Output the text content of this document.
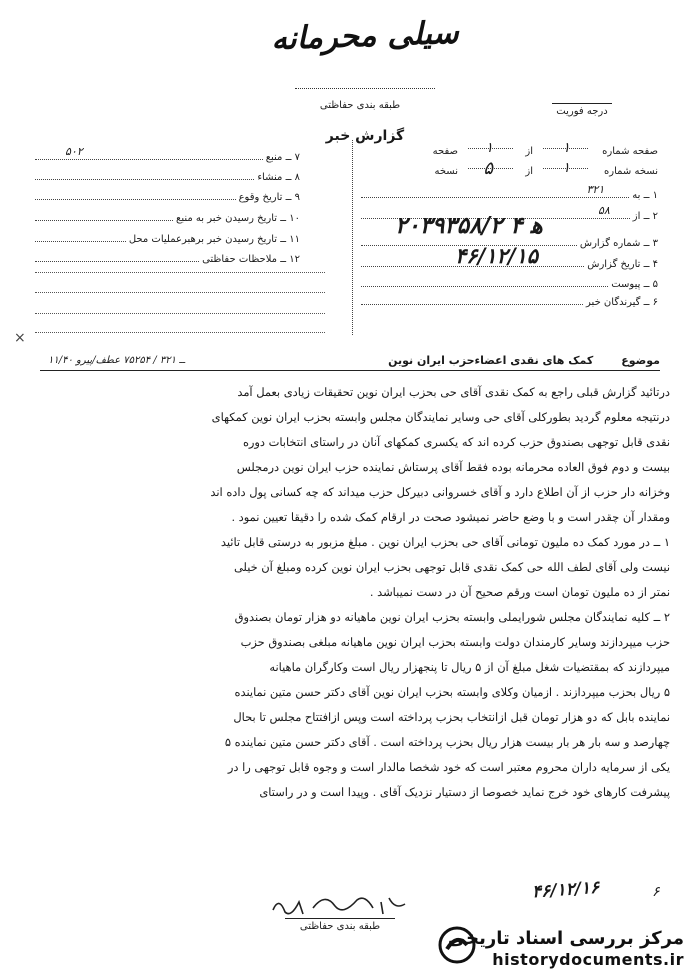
سیلی محرمانه
طبقه بندی حفاظتی
درجه فوریت
گزارش خبر
صفحه شماره
۱
از
۱
صفحه
نسخه شماره
۱
از
۵
نسخه
۱ ــ به
۳۲۱
۲ ــ از
۵۸
۳ ــ شماره گزارش
۴ ــ تاریخ گزارش
۵ ــ پیوست
۶ ــ گیرندگان خبر
۲۰۳۹۳۵۸/۲ ه‍ ۴
۴۶/۱۲/۱۵
۷ ــ منبع
۵۰۲
۸ ــ منشاء
۹ ــ تاریخ وقوع
۱۰ ــ تاریخ رسیدن خبر به منبع
۱۱ ــ تاریخ رسیدن خبر برهبرعملیات محل
۱۲ ــ ملاحظات حفاظتی
×
موضوع
کمک های نقدی اعضاءحزب ایران نوین
۱۱/۴۰ ــ ۳۲۱ / ۷۵۲۵۴ عطف/پیرو

درتائید گزارش قبلی راجع به کمک نقدی آقای حی بحزب ایران نوین تحقیقات زیادی بعمل آمد

درنتیجه معلوم گردید بطورکلی آقای حی وسایر نمایندگان مجلس وابسته بحزب ایران نوین کمکهای

نقدی قابل توجهی بصندوق حزب کرده اند که یکسری کمکهای آنان در راستای انتخابات دوره

بیست و دوم فوق العاده محرمانه بوده فقط آقای پرستاش نماینده حزب ایران نوین درمجلس

وخزانه دار حزب از آن اطلاع دارد و آقای خسروانی دبیرکل حزب میداند که چه کسانی پول داده اند

ومقدار آن چقدر است و با وضع حاضر نمیشود صحت در ارقام کمک شده را دقیقا تعیین نمود .

۱ ــ در مورد کمک ده ملیون تومانی آقای حی بحزب ایران نوین . مبلغ مزبور به درستی قابل تائید

نیست ولی آقای لطف الله حی کمک نقدی قابل توجهی بحزب ایران نوین کرده ومبلغ آن خیلی

نمتر از ده ملیون تومان است ورقم صحیح آن در دست نمیباشد .

۲ ــ کلیه نمایندگان مجلس شورایملی وابسته بحزب ایران نوین ماهیانه دو هزار تومان بصندوق

حزب میپردازند وسایر کارمندان دولت وابسته بحزب ایران نوین ماهیانه مبلغی بصندوق حزب

میپردازند که بمقتضیات شغل مبلغ آن از ۵ ریال تا پنجهزار ریال است وکارگران ماهیانه

۵ ریال بحزب میپردازند . ازمیان وکلای وابسته بحزب ایران نوین آقای دکتر حسن متین نماینده

نماینده بابل که دو هزار تومان قبل ازانتخاب بحزب پرداخته است وپس ازافتتاح مجلس تا بحال

چهارصد و سه بار هر بار بیست هزار ریال بحزب پرداخته است . آقای دکتر حسن متین نماینده ۵

یکی از سرمایه داران محروم معتبر است که خود شخصا مالدار است و وجوه قابل توجهی را در

پیشرفت کارهای خود خرج نماید خصوصا از دستیار نزدیک آقای . وپیدا است و در راستای

۴۶/۱۲/۱۶	۶
طبقه بندی حفاظتی
مرکز بررسی اسناد تاریخی
historydocuments.ir
